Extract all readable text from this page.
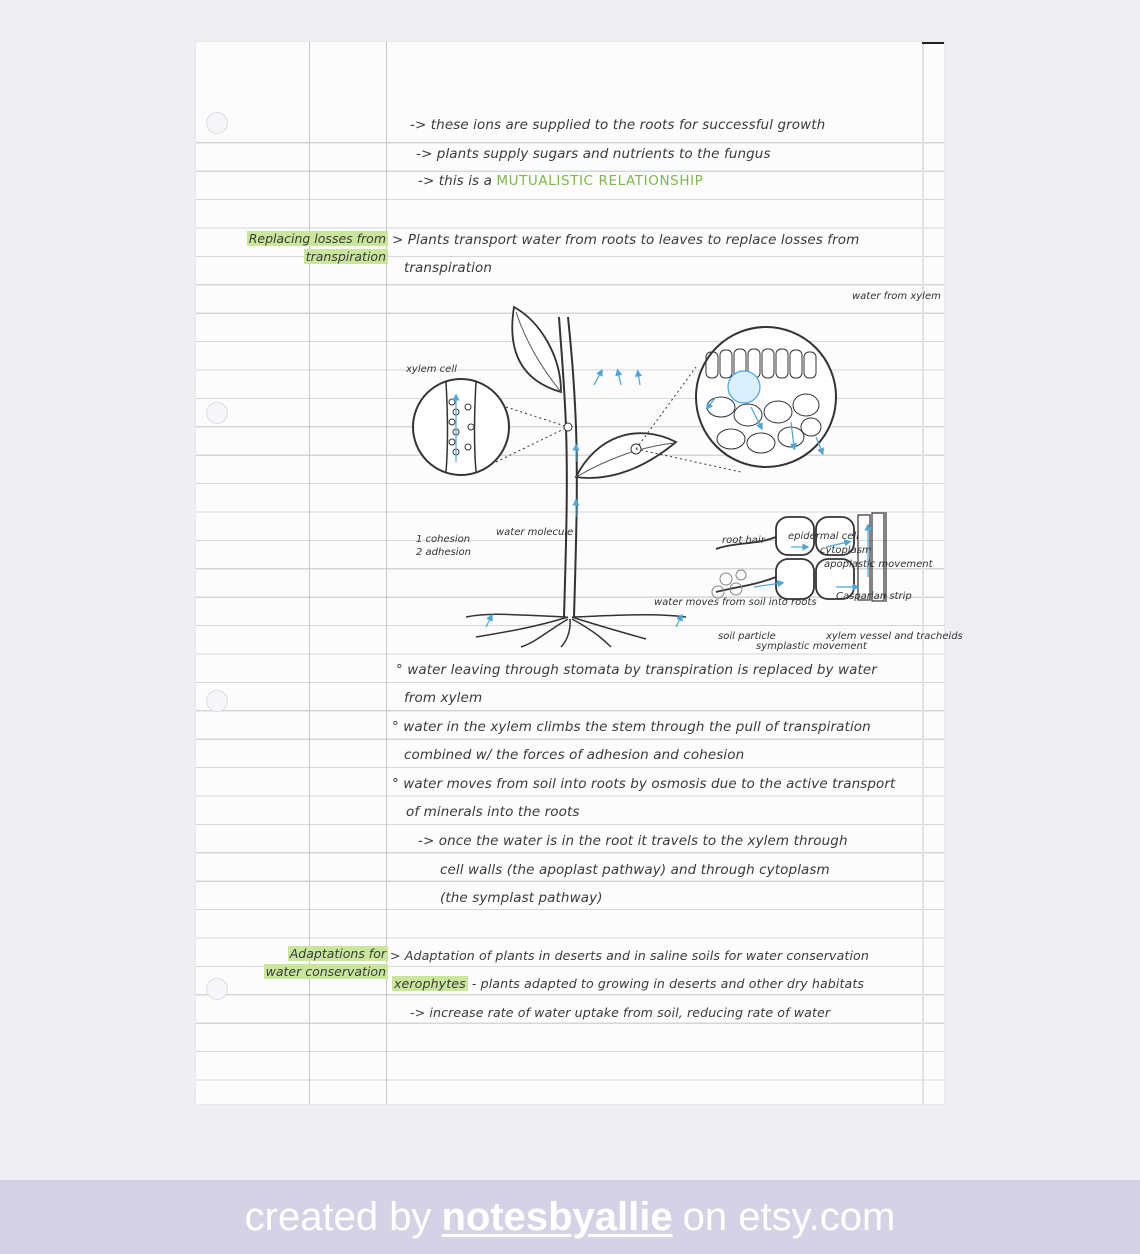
-> these ions are supplied to the roots for successful growth
-> plants supply sugars and nutrients to the fungus
-> this is a MUTUALISTIC RELATIONSHIP
Replacing losses from
transpiration
> Plants transport water from roots to leaves to replace losses from
transpiration
water from xylem
xylem cell
1 cohesion
2 adhesion
water molecule
root hair epidermal cell
cytoplasm
apoplastic movement
Casparian strip
xylem vessel and tracheids
water moves from soil into roots
soil particle
symplastic movement
° water leaving through stomata by transpiration is replaced by water
from xylem
° water in the xylem climbs the stem through the pull of transpiration
combined w/ the forces of adhesion and cohesion
° water moves from soil into roots by osmosis due to the active transport
of minerals into the roots
-> once the water is in the root it travels to the xylem through
cell walls (the apoplast pathway) and through cytoplasm
(the symplast pathway)
Adaptations for
water conservation
> Adaptation of plants in deserts and in saline soils for water conservation
xerophytes - plants adapted to growing in deserts and other dry habitats
-> increase rate of water uptake from soil, reducing rate of water
created by notesbyallie on etsy.com
